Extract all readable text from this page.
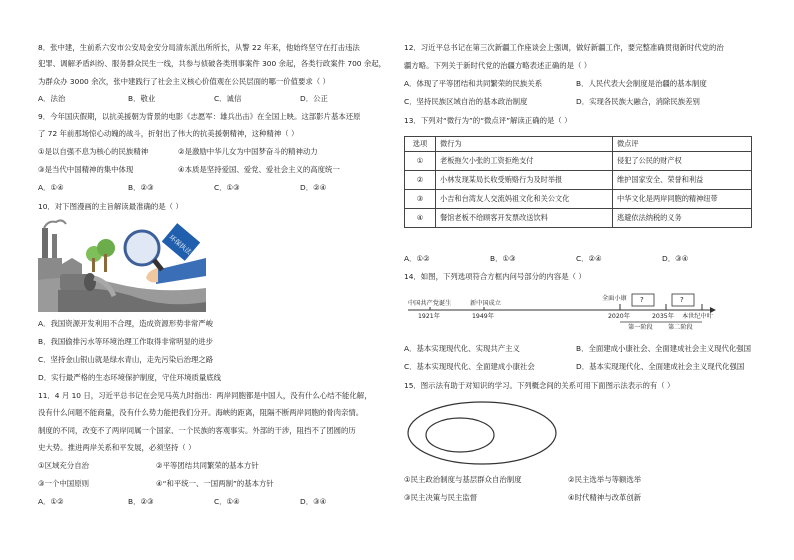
8．张中建，生前系六安市公安局金安分局清东派出所所长，从警 22 年来，他始终坚守在打击违法
犯罪、调解矛盾纠纷、服务群众民生一线，共参与侦破各类刑事案件 300 余起，各类行政案件 700 余起，
为群众办 3000 余次，张中建践行了社会主义核心价值观在公民层面的哪一价值要求（ ）
A．法治	B．敬业	C．诚信	D．公正
9．今年国庆假期，以抗美援朝为背景的电影《志愿军：雄兵出击》在全国上映。这部影片基本还原
了 72 年前那场惊心动魄的战斗，折射出了伟大的抗美援朝精神，这种精神（ ）
①是以自强不息为核心的民族精神	②是激励中华儿女为中国梦奋斗的精神动力
③是当代中国精神的集中体现	④本质是坚持爱国、爱党、爱社会主义的高度统一
A．①④	B．②③	C．①③	D．②④
10．对下图漫画的主旨解读最准确的是（ ）
环保执法
A．我国资源开发利用不合理，造成资源形势非常严峻
B．我国偷排污水等环境治理工作取得非常明显的进步
C．坚持金山银山就是绿水青山，走先污染后治理之路
D．实行最严格的生态环境保护制度，守住环境质量底线
11．4 月 10 日，习近平总书记在会见马英九时指出：两岸同胞都是中国人，没有什么心结不能化解，
没有什么问题不能商量，没有什么势力能把我们分开。海峡的距离，阻隔不断两岸同胞的骨肉亲情。
制度的不同，改变不了两岸同属一个国家、一个民族的客观事实。外部的干涉，阻挡不了团圆的历
史大势。推进两岸关系和平发展，必须坚持（ ）
①区域充分自治	②平等团结共同繁荣的基本方针
③一个中国原则	④“和平统一、一国两制”的基本方针
A．①②	B．②③	C．①④	D．③④
12．习近平总书记在第三次新疆工作座谈会上强调，做好新疆工作，要完整准确贯彻新时代党的治
疆方略。下列关于新时代党的治疆方略表述正确的是（ ）
A．体现了平等团结和共同繁荣的民族关系	B．人民代表大会制度是治疆的基本制度
C．坚持民族区域自治的基本政治制度	D．实现各民族大融合，消除民族差别
13．下列对“微行为”的“微点评”解读正确的是（ ）
选项	微行为	微点评
①	老板拖欠小张的工资拒绝支付	侵犯了公民的财产权
②	小林发现某局长收受贿赂行为及时举报	维护国家安全、荣誉和利益
③	小吉和台湾友人交流妈祖文化和关公文化	中华文化是两岸同胞的精神纽带
④	餐馆老板不给顾客开发票改送饮料	逃避依法纳税的义务
A．①②	B．①③	C．②④	D．③④
14．如图，下列选项符合方框内问号部分的内容是（ ）
中国共产党诞生
1921年
新中国成立
1949年
全面小康
2020年	2035年 本世纪中叶
?	?
第一阶段 第二阶段
A．基本实现现代化、实现共产主义	B．全面建成小康社会、全面建成社会主义现代化强国
C．基本实现现代化、全面建成小康社会	D．基本实现现代化、全面建成社会主义现代化强国
15．图示法有助于对知识的学习。下列概念间的关系可用下面图示法表示的有（ ）
①民主政治制度与基层群众自治制度	②民主选举与等额选举
③民主决策与民主监督	④时代精神与改革创新
